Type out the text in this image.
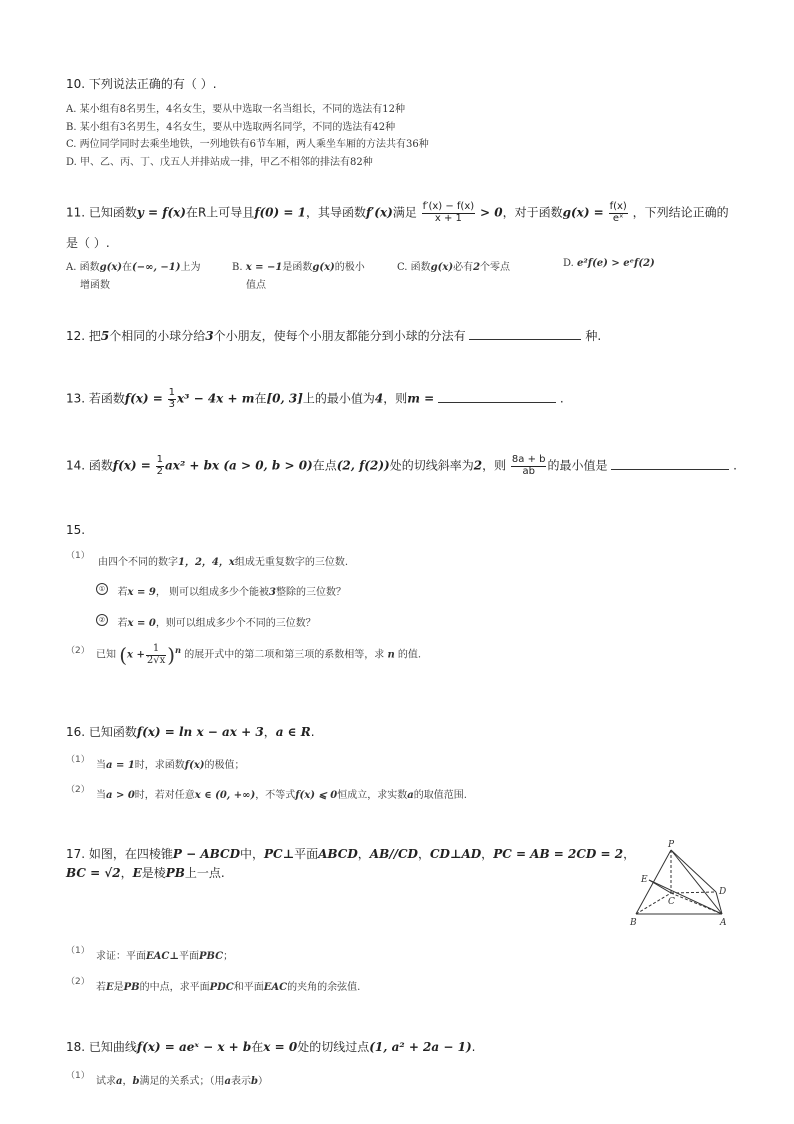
10. 下列说法正确的有（ ）.
A. 某小组有8名男生，4名女生，要从中选取一名当组长，不同的选法有12种
B. 某小组有3名男生，4名女生，要从中选取两名同学，不同的选法有42种
C. 两位同学同时去乘坐地铁，一列地铁有6节车厢，两人乘坐车厢的方法共有36种
D. 甲、乙、丙、丁、戊五人并排站成一排，甲乙不相邻的排法有82种
11. 已知函数y = f(x)在R上可导且f(0) = 1，其导函数f′(x)满足 $\frac{f'(x) - f(x)}{x + 1} > 0$，对于函数$g(x) = \frac{f(x)}{\text{eˣ}}$ ，下列结论正确的
是（ ）.
A. 函数g(x)在(−∞, −1)上为
增函数
B. x = −1是函数g(x)的极小
值点
C. 函数g(x)必有2个零点	D. e²f(e) > eᵉf(2)
12. 把5个相同的小球分给3个小朋友，使每个小朋友都能分到小球的分法有	种.
13. 若函数$f(x) = \frac{1}{3} x^3 - 4x + m$在[0, 3]上的最小值为4，则m =	.
14. 函数$f(x) = \frac{1}{2} ax^2$ + bx (a > 0, b > 0)在点(2, f(2))处的切线斜率为2，则 $\frac{8a + b}{ab}$ 的最小值是	.
15.
（1）
由四个不同的数字1，2，4，x组成无重复数字的三位数.
① 若x = 9， 则可以组成多少个能被3整除的三位数？
② 若x = 0，则可以组成多少个不同的三位数？
（2） 已知 $(x + \frac{1}{2√x} )^n$ 的展开式中的第二项和第三项的系数相等，求 n 的值.
16. 已知函数f(x) = ln x − ax + 3，a ∈ R.
（1） 当a = 1时，求函数f(x)的极值；
（2） 当a > 0时，若对任意x ∈ (0, +∞)，不等式f(x) ⩽ 0恒成立，求实数a的取值范围.
17. 如图，在四棱锥P − ABCD中，PC⊥平面ABCD，AB//CD，CD⊥AD，PC = AB = 2CD = 2，
BC = √2，E是棱PB上一点.
P
E
C
D
B	A
（1） 求证：平面EAC⊥平面PBC；
（2） 若E是PB的中点，求平面PDC和平面EAC的夹角的余弦值.
18. 已知曲线f(x) = aeˣ − x + b在x = 0处的切线过点(1, a² + 2a − 1).
（1） 试求a，b满足的关系式；（用a表示b）
